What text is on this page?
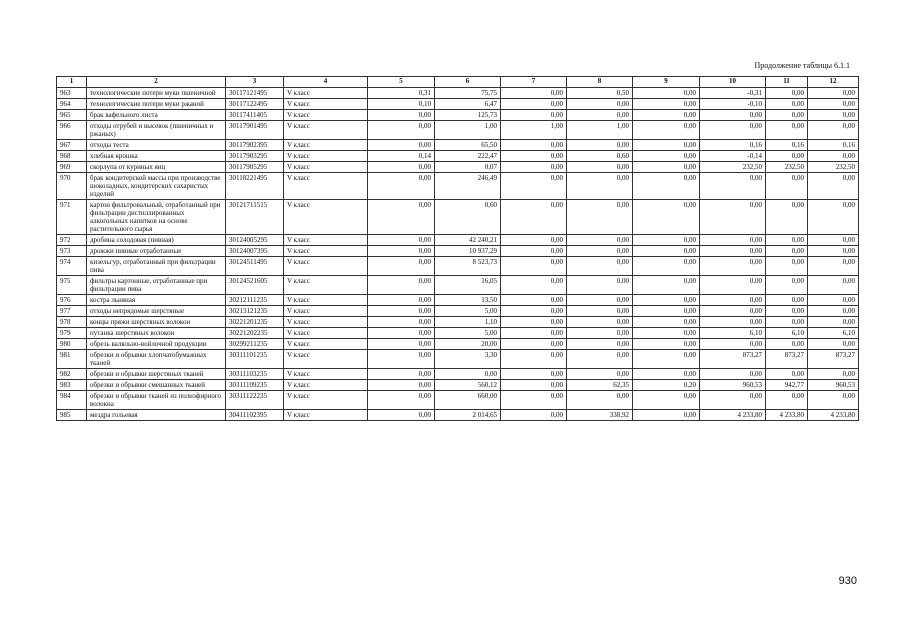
Продолжение таблицы 6.1.1
1	2	3	4	5	6	7	8	9	10	11	12
963	технологические потери муки пшеничной	30117121495	V класс	0,31	75,75	0,00	0,50	0,00	-0,31	0,00	0,00
964	технологические потери муки ржаной	30117122495	V класс	0,10	6,47	0,00	0,00	0,00	-0,10	0,00	0,00
965	брак вафельного листа	30117411405	V класс	0,00	125,73	0,00	0,00	0,00	0,00	0,00	0,00
966	отходы отрубей и высевок (пшеничных и ржаных)	30117901495	V класс	0,00	1,00	1,00	1,00	0,00	0,00	0,00	0,00
967	отходы теста	30117902395	V класс	0,00	65,50	0,00	0,00	0,00	0,16	0,16	0,16
968	хлебная крошка	30117903295	V класс	0,14	222,47	0,00	0,60	0,00	-0,14	0,00	0,00
969	скорлупа от куриных яиц	30117905295	V класс	0,00	0,07	0,00	0,00	0,00	232,50	232,50	232,50
970	брак кондитерской массы при производстве шоколадных, кондитерских сахаристых изделий	30118221495	V класс	0,00	246,49	0,00	0,00	0,00	0,00	0,00	0,00
971	картон фильтровальный, отработанный при фильтрации дистиллированных алкогольных напитков на основе растительного сырья	30121711515	V класс	0,00	0,60	0,00	0,00	0,00	0,00	0,00	0,00
972	дробина солодовая (пивная)	30124005295	V класс	0,00	42 240,21	0,00	0,00	0,00	0,00	0,00	0,00
973	дрожжи пивные отработанные	30124007395	V класс	0,00	10 937,29	0,00	0,00	0,00	0,00	0,00	0,00
974	кизельгур, отработанный при фильтрации пива	30124511495	V класс	0,00	8 523,73	0,00	0,00	0,00	0,00	0,00	0,00
975	фильтры картонные, отработанные при фильтрации пива	30124521605	V класс	0,00	16,05	0,00	0,00	0,00	0,00	0,00	0,00
976	костра льняная	30212111235	V класс	0,00	13,50	0,00	0,00	0,00	0,00	0,00	0,00
977	отходы непрядомые шерстяные	30213121235	V класс	0,00	5,00	0,00	0,00	0,00	0,00	0,00	0,00
978	концы пряжи шерстяных волокон	30221201235	V класс	0,00	1,10	0,00	0,00	0,00	0,00	0,00	0,00
979	путанка шерстяных волокон	30221202235	V класс	0,00	5,00	0,00	0,00	0,00	6,10	6,10	6,10
980	обрезь валяльно-войлочной продукции	30299211235	V класс	0,00	20,00	0,00	0,00	0,00	0,00	0,00	0,00
981	обрезки и обрывки хлопчатобумажных тканей	30311101235	V класс	0,00	3,30	0,00	0,00	0,00	873,27	873,27	873,27
982	обрезки и обрывки шерстяных тканей	30311103235	V класс	0,00	0,00	0,00	0,00	0,00	0,00	0,00	0,00
983	обрезки и обрывки смешанных тканей	30311109235	V класс	0,00	560,12	0,00	62,35	0,20	960,53	942,77	960,53
984	обрезки и обрывки тканей из полиэфирного волокна	30311122235	V класс	0,00	660,00	0,00	0,00	0,00	0,00	0,00	0,00
985	мездра гольевая	30411102395	V класс	0,00	2 014,65	0,00	338,92	0,00	4 233,80	4 233,80	4 233,80
930
